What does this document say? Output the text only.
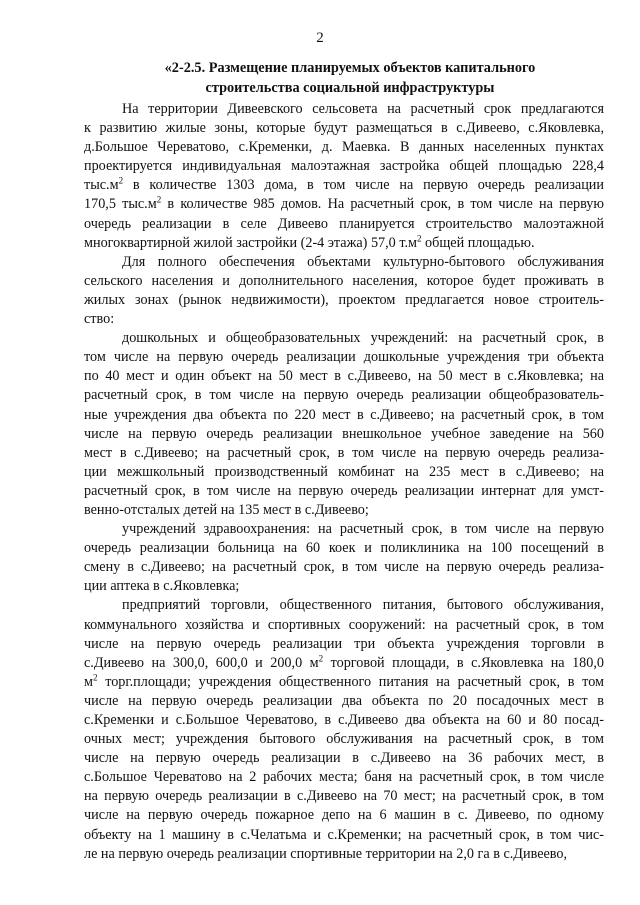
2
«2-2.5. Размещение планируемых объектов капитального
строительства социальной инфраструктуры
На территории Дивеевского сельсовета на расчетный срок предлагаются
к развитию жилые зоны, которые будут размещаться в с.Дивеево, с.Яковлевка,
д.Большое Череватово, с.Кременки, д. Маевка. В данных населенных пунктах
проектируется индивидуальная малоэтажная застройка общей площадью 228,4
$тыс.м^2$ в количестве 1303 дома, в том числе на первую очередь реализации
170,5 $тыс.м^2$ в количестве 985 домов. На расчетный срок, в том числе на первую
очередь реализации в селе Дивеево планируется строительство малоэтажной
многоквартирной жилой застройки (2-4 этажа) 57,0 $т.м^2$ общей площадью.
Для полного обеспечения объектами культурно-бытового обслуживания
сельского населения и дополнительного населения, которое будет проживать в
жилых зонах (рынок недвижимости), проектом предлагается новое строитель-
ство:
дошкольных и общеобразовательных учреждений: на расчетный срок, в
том числе на первую очередь реализации дошкольные учреждения три объекта
по 40 мест и один объект на 50 мест в с.Дивеево, на 50 мест в с.Яковлевка; на
расчетный срок, в том числе на первую очередь реализации общеобразователь-
ные учреждения два объекта по 220 мест в с.Дивеево; на расчетный срок, в том
числе на первую очередь реализации внешкольное учебное заведение на 560
мест в с.Дивеево; на расчетный срок, в том числе на первую очередь реализа-
ции межшкольный производственный комбинат на 235 мест в с.Дивеево; на
расчетный срок, в том числе на первую очередь реализации интернат для умст-
венно-отсталых детей на 135 мест в с.Дивеево;
учреждений здравоохранения: на расчетный срок, в том числе на первую
очередь реализации больница на 60 коек и поликлиника на 100 посещений в
смену в с.Дивеево; на расчетный срок, в том числе на первую очередь реализа-
ции аптека в с.Яковлевка;
предприятий торговли, общественного питания, бытового обслуживания,
коммунального хозяйства и спортивных сооружений: на расчетный срок, в том
числе на первую очередь реализации три объекта учреждения торговли в
с.Дивеево на 300,0, 600,0 и 200,0 $м^2$ торговой площади, в с.Яковлевка на 180,0
$м^2$ торг.площади; учреждения общественного питания на расчетный срок, в том
числе на первую очередь реализации два объекта по 20 посадочных мест в
с.Кременки и с.Большое Череватово, в с.Дивеево два объекта на 60 и 80 посад-
очных мест; учреждения бытового обслуживания на расчетный срок, в том
числе на первую очередь реализации в с.Дивеево на 36 рабочих мест, в
с.Большое Череватово на 2 рабочих места; баня на расчетный срок, в том числе
на первую очередь реализации в с.Дивеево на 70 мест; на расчетный срок, в том
числе на первую очередь пожарное депо на 6 машин в с. Дивеево, по одному
объекту на 1 машину в с.Челатьма и с.Кременки; на расчетный срок, в том чис-
ле на первую очередь реализации спортивные территории на 2,0 га в с.Дивеево,
